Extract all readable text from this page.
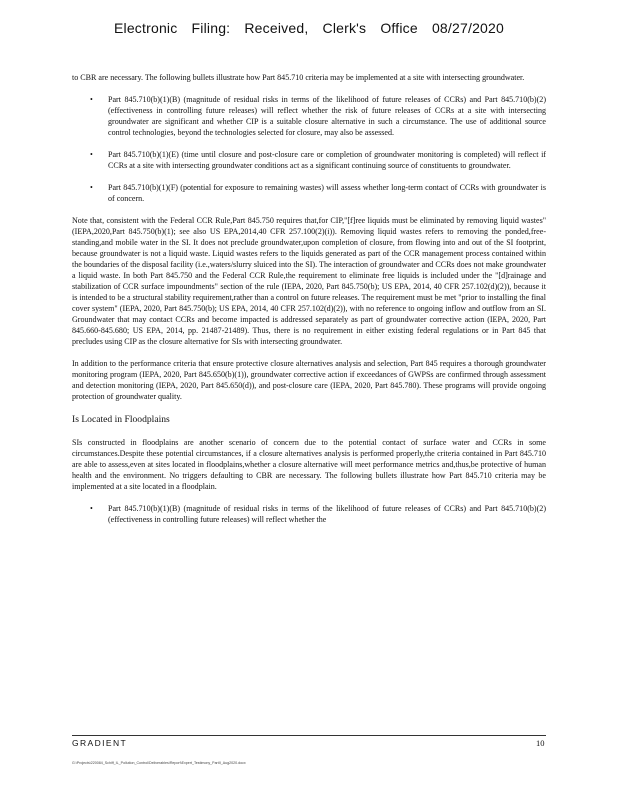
Electronic Filing: Received, Clerk's Office 08/27/2020

to CBR are necessary. The following bullets illustrate how Part 845.710 criteria may be implemented at a site with intersecting groundwater.

• Part 845.710(b)(1)(B) (magnitude of residual risks in terms of the likelihood of future releases of CCRs) and Part 845.710(b)(2) (effectiveness in controlling future releases) will reflect whether the risk of future releases of CCRs at a site with intersecting groundwater are significant and whether CIP is a suitable closure alternative in such a circumstance. The use of additional source control technologies, beyond the technologies selected for closure, may also be assessed.
• Part 845.710(b)(1)(E) (time until closure and post-closure care or completion of groundwater monitoring is completed) will reflect if CCRs at a site with intersecting groundwater conditions act as a significant continuing source of constituents to groundwater.
• Part 845.710(b)(1)(F) (potential for exposure to remaining wastes) will assess whether long-term contact of CCRs with groundwater is of concern.

Note that, consistent with the Federal CCR Rule,Part 845.750 requires that,for CIP,"[f]ree liquids must be eliminated by removing liquid wastes" (IEPA,2020,Part 845.750(b)(1); see also US EPA,2014,40 CFR 257.100(2)(i)). Removing liquid wastes refers to removing the ponded,free-standing,and mobile water in the SI. It does not preclude groundwater,upon completion of closure, from flowing into and out of the SI footprint, because groundwater is not a liquid waste. Liquid wastes refers to the liquids generated as part of the CCR management process contained within the boundaries of the disposal facility (i.e.,waters/slurry sluiced into the SI). The interaction of groundwater and CCRs does not make groundwater a liquid waste. In both Part 845.750 and the Federal CCR Rule,the requirement to eliminate free liquids is included under the "[d]rainage and stabilization of CCR surface impoundments" section of the rule (IEPA, 2020, Part 845.750(b); US EPA, 2014, 40 CFR 257.102(d)(2)), because it is intended to be a structural stability requirement,rather than a control on future releases. The requirement must be met "prior to installing the final cover system" (IEPA, 2020, Part 845.750(b); US EPA, 2014, 40 CFR 257.102(d)(2)), with no reference to ongoing inflow and outflow from an SI. Groundwater that may contact CCRs and become impacted is addressed separately as part of groundwater corrective action (IEPA, 2020, Part 845.660-845.680; US EPA, 2014, pp. 21487-21489). Thus, there is no requirement in either existing federal regulations or in Part 845 that precludes using CIP as the closure alternative for SIs with intersecting groundwater.

In addition to the performance criteria that ensure protective closure alternatives analysis and selection, Part 845 requires a thorough groundwater monitoring program (IEPA, 2020, Part 845.650(b)(1)), groundwater corrective action if exceedances of GWPSs are confirmed through assessment and detection monitoring (IEPA, 2020, Part 845.650(d)), and post-closure care (IEPA, 2020, Part 845.780). These programs will provide ongoing protection of groundwater quality.

Is Located in Floodplains

SIs constructed in floodplains are another scenario of concern due to the potential contact of surface water and CCRs in some circumstances.Despite these potential circumstances, if a closure alternatives analysis is performed properly,the criteria contained in Part 845.710 are able to assess,even at sites located in floodplains,whether a closure alternative will meet performance metrics and,thus,be protective of human health and the environment. No triggers defaulting to CBR are necessary. The following bullets illustrate how Part 845.710 criteria may be implemented at a site located in a floodplain.

• Part 845.710(b)(1)(B) (magnitude of residual risks in terms of the likelihood of future releases of CCRs) and Part 845.710(b)(2) (effectiveness in controlling future releases) will reflect whether the
GRADIENT	10
G:\Projects\220084_Schiff_IL_Pollution_Control\Deliverables\Report\Expert_Testimony_PartII_Aug2020.docx
